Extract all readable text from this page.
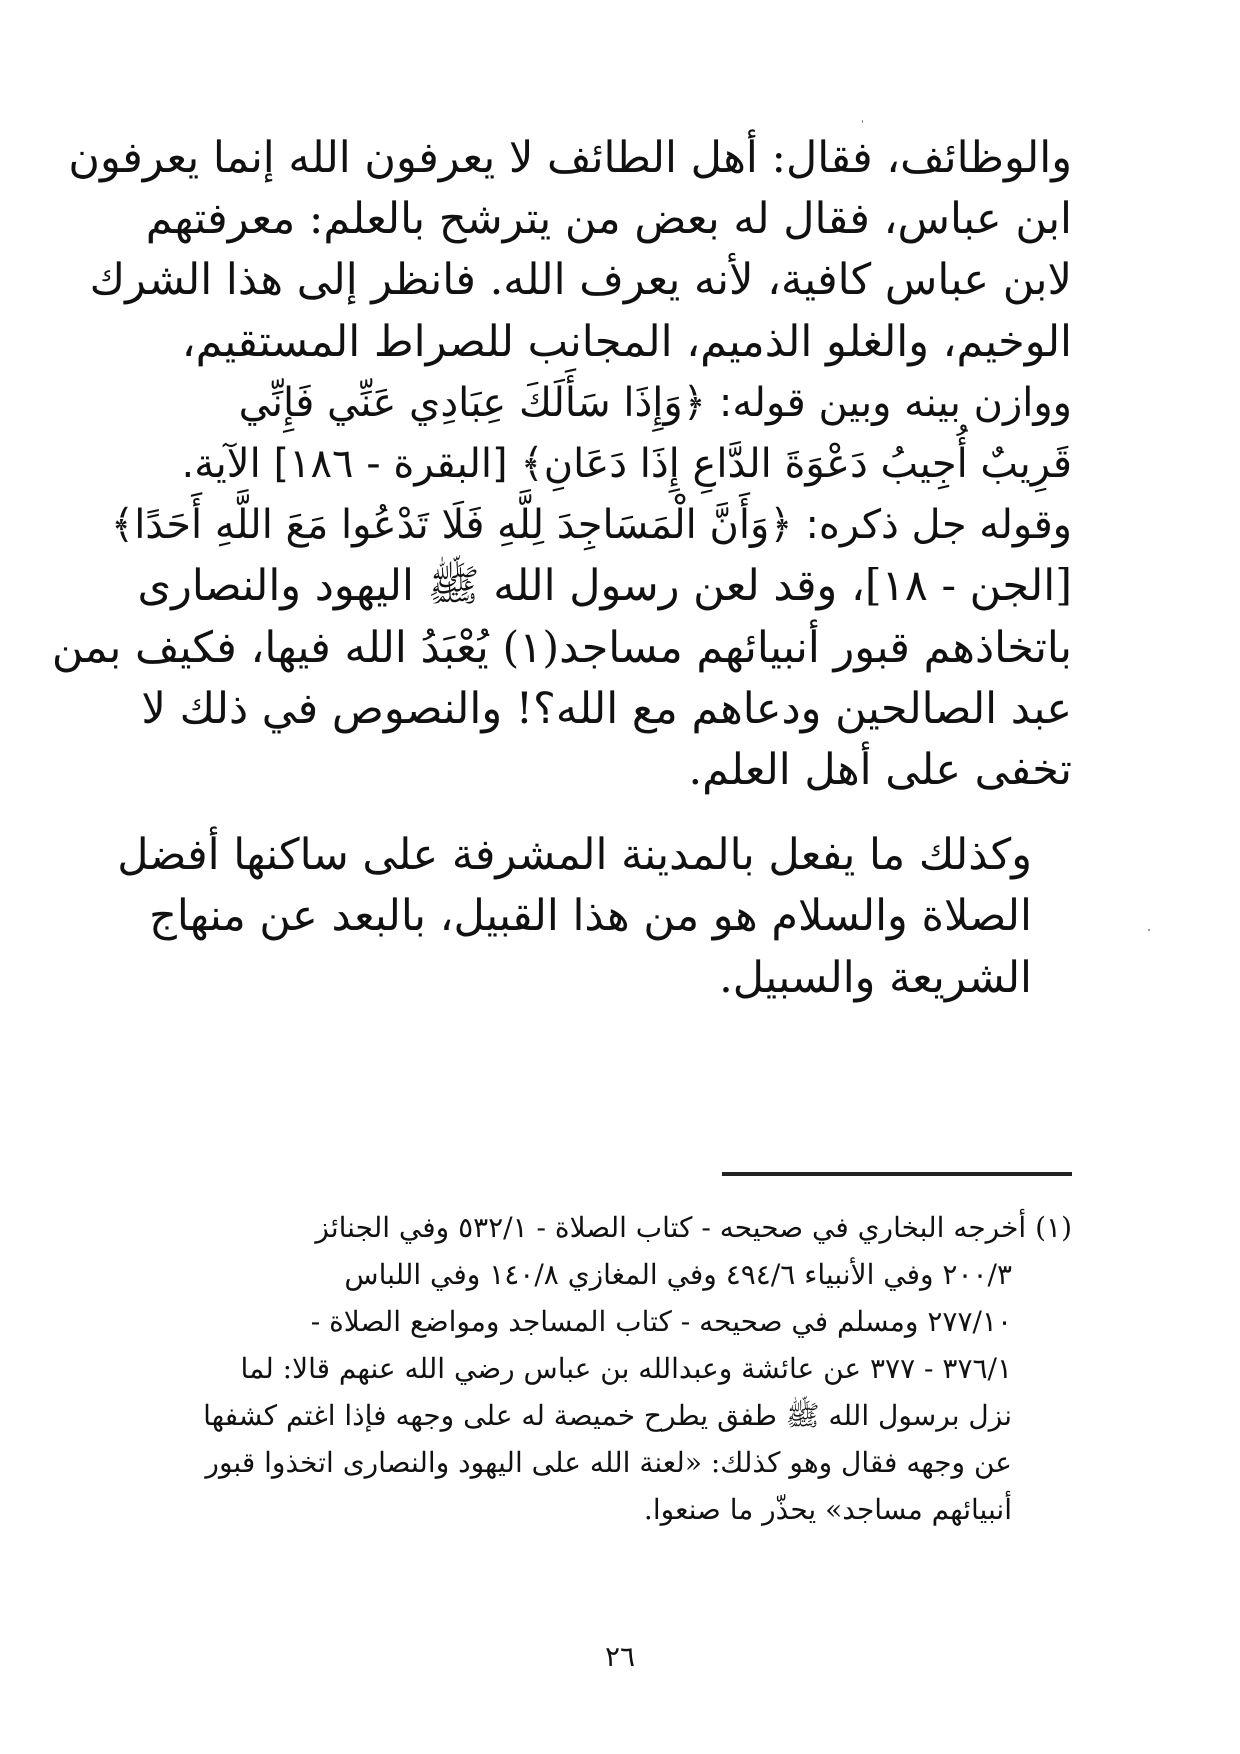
والوظائف، فقال: أهل الطائف لا يعرفون الله إنما يعرفون
ابن عباس، فقال له بعض من يترشح بالعلم: معرفتهم
لابن عباس كافية، لأنه يعرف الله. فانظر إلى هذا الشرك
الوخيم، والغلو الذميم، المجانب للصراط المستقيم،
ووازن بينه وبين قوله: ﴿وَإِذَا سَأَلَكَ عِبَادِي عَنِّي فَإِنِّي
قَرِيبٌ أُجِيبُ دَعْوَةَ الدَّاعِ إِذَا دَعَانِ﴾ [البقرة - ١٨٦] الآية.
وقوله جل ذكره: ﴿وَأَنَّ الْمَسَاجِدَ لِلَّهِ فَلَا تَدْعُوا مَعَ اللَّهِ أَحَدًا﴾
[الجن - ١٨]، وقد لعن رسول الله ﷺ اليهود والنصارى
باتخاذهم قبور أنبيائهم مساجد(١) يُعْبَدُ الله فيها، فكيف بمن
عبد الصالحين ودعاهم مع الله؟! والنصوص في ذلك لا
تخفى على أهل العلم.

وكذلك ما يفعل بالمدينة المشرفة على ساكنها أفضل
الصلاة والسلام هو من هذا القبيل، بالبعد عن منهاج
الشريعة والسبيل.

(١) أخرجه البخاري في صحيحه - كتاب الصلاة - ٥٣٢/١ وفي الجنائز
٢٠٠/٣ وفي الأنبياء ٤٩٤/٦ وفي المغازي ١٤٠/٨ وفي اللباس
٢٧٧/١٠ ومسلم في صحيحه - كتاب المساجد ومواضع الصلاة -
٣٧٦/١ - ٣٧٧ عن عائشة وعبدالله بن عباس رضي الله عنهم قالا: لما
نزل برسول الله ﷺ طفق يطرح خميصة له على وجهه فإذا اغتم كشفها
عن وجهه فقال وهو كذلك: «لعنة الله على اليهود والنصارى اتخذوا قبور
أنبيائهم مساجد» يحذّر ما صنعوا.
٢٦
